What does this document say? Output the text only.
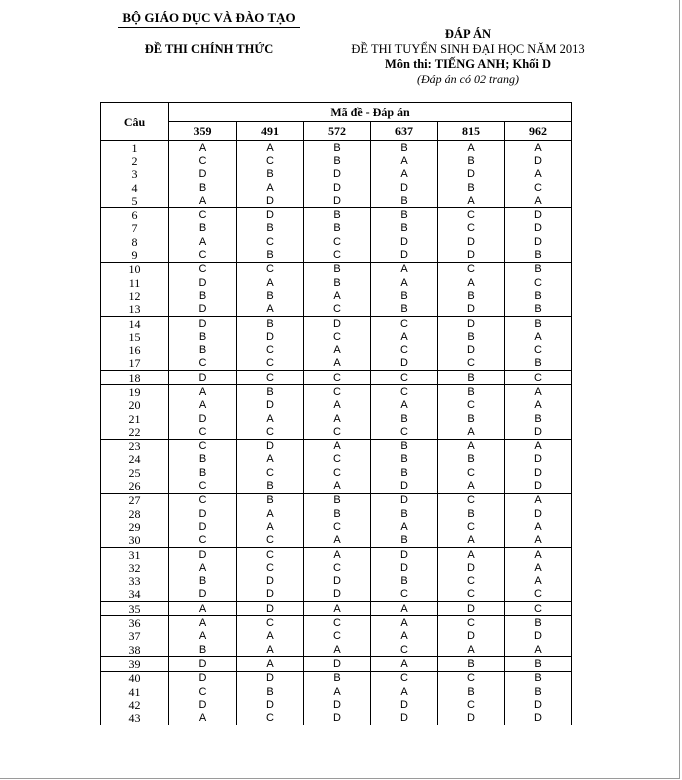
BỘ GIÁO DỤC VÀ ĐÀO TẠO
ĐỀ THI CHÍNH THỨC
ĐÁP ÁN
ĐỀ THI TUYỂN SINH ĐẠI HỌC NĂM 2013
Môn thi: TIẾNG ANH; Khối D
(Đáp án có 02 trang)
Câu	Mã đề - Đáp án					
	359	491	572	637	815	962
1	A	A	B	B	A	A
2	C	C	B	A	B	D
3	D	B	D	A	D	A
4	B	A	D	D	B	C
5	A	D	D	B	A	A
6	C	D	B	B	C	D
7	B	B	B	B	C	D
8	A	C	C	D	D	D
9	C	B	C	D	D	B
10	C	C	B	A	C	B
11	D	A	B	A	A	C
12	B	B	A	B	B	B
13	D	A	C	B	D	B
14	D	B	D	C	D	B
15	B	D	C	A	B	A
16	B	C	A	C	D	C
17	C	C	A	D	C	B
18	D	C	C	C	B	C
19	A	B	C	C	B	A
20	A	D	A	A	C	A
21	D	A	A	B	B	B
22	C	C	C	C	A	D
23	C	D	A	B	A	A
24	B	A	C	B	B	D
25	B	C	C	B	C	D
26	C	B	A	D	A	D
27	C	B	B	D	C	A
28	D	A	B	B	B	D
29	D	A	C	A	C	A
30	C	C	A	B	A	A
31	D	C	A	D	A	A
32	A	C	C	D	D	A
33	B	D	D	B	C	A
34	D	D	D	C	C	C
35	A	D	A	A	D	C
36	A	C	C	A	C	B
37	A	A	C	A	D	D
38	B	A	A	C	A	A
39	D	A	D	A	B	B
40	D	D	B	C	C	B
41	C	B	A	A	B	B
42	D	D	D	D	C	D
43	A	C	D	D	D	D
